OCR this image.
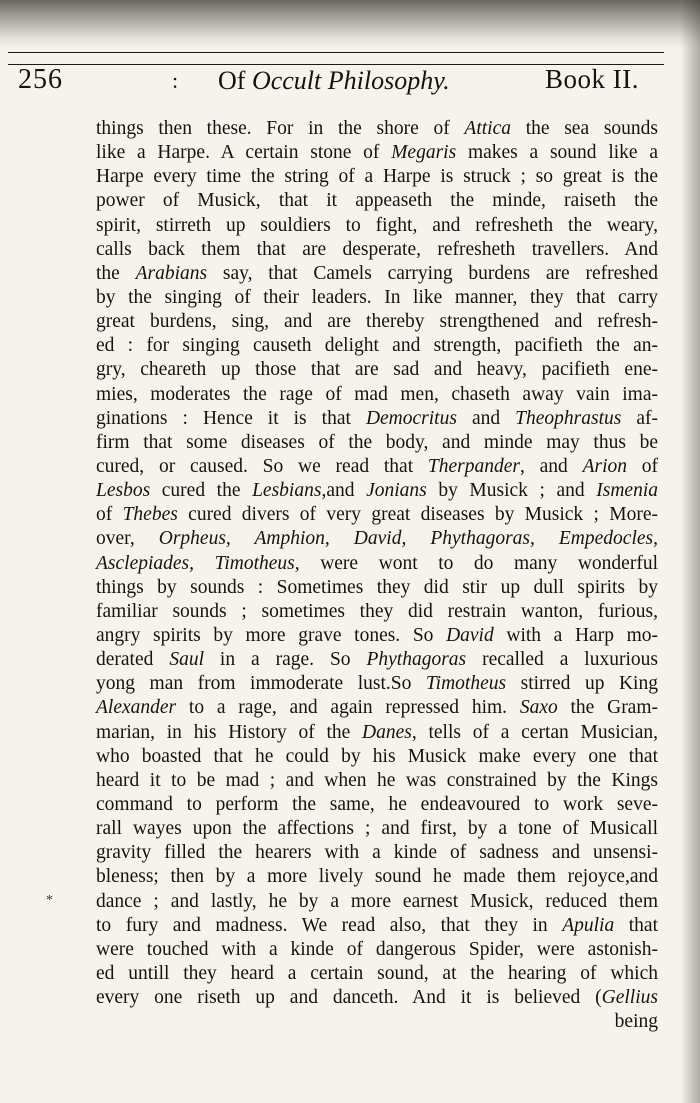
256	: Of Occult Philosophy.	Book II.
*
things then these. For in the shore of Attica the sea sounds
like a Harpe. A certain stone of Megaris makes a sound like a
Harpe every time the string of a Harpe is struck ; so great is the
power of Musick, that it appeaseth the minde, raiseth the
spirit, stirreth up souldiers to fight, and refresheth the weary,
calls back them that are desperate, refresheth travellers. And
the Arabians say, that Camels carrying burdens are refreshed
by the singing of their leaders. In like manner, they that carry
great burdens, sing, and are thereby strengthened and refresh-
ed : for singing causeth delight and strength, pacifieth the an-
gry, cheareth up those that are sad and heavy, pacifieth ene-
mies, moderates the rage of mad men, chaseth away vain ima-
ginations : Hence it is that Democritus and Theophrastus af-
firm that some diseases of the body, and minde may thus be
cured, or caused. So we read that Therpander, and Arion of
Lesbos cured the Lesbians,and Jonians by Musick ; and Ismenia
of Thebes cured divers of very great diseases by Musick ; More-
over, Orpheus, Amphion, David, Phythagoras, Empedocles,
Asclepiades, Timotheus, were wont to do many wonderful
things by sounds : Sometimes they did stir up dull spirits by
familiar sounds ; sometimes they did restrain wanton, furious,
angry spirits by more grave tones. So David with a Harp mo-
derated Saul in a rage. So Phythagoras recalled a luxurious
yong man from immoderate lust.So Timotheus stirred up King
Alexander to a rage, and again repressed him. Saxo the Gram-
marian, in his History of the Danes, tells of a certan Musician,
who boasted that he could by his Musick make every one that
heard it to be mad ; and when he was constrained by the Kings
command to perform the same, he endeavoured to work seve-
rall wayes upon the affections ; and first, by a tone of Musicall
gravity filled the hearers with a kinde of sadness and unsensi-
bleness; then by a more lively sound he made them rejoyce,and
dance ; and lastly, he by a more earnest Musick, reduced them
to fury and madness. We read also, that they in Apulia that
were touched with a kinde of dangerous Spider, were astonish-
ed untill they heard a certain sound, at the hearing of which
every one riseth up and danceth. And it is believed (Gellius
being
